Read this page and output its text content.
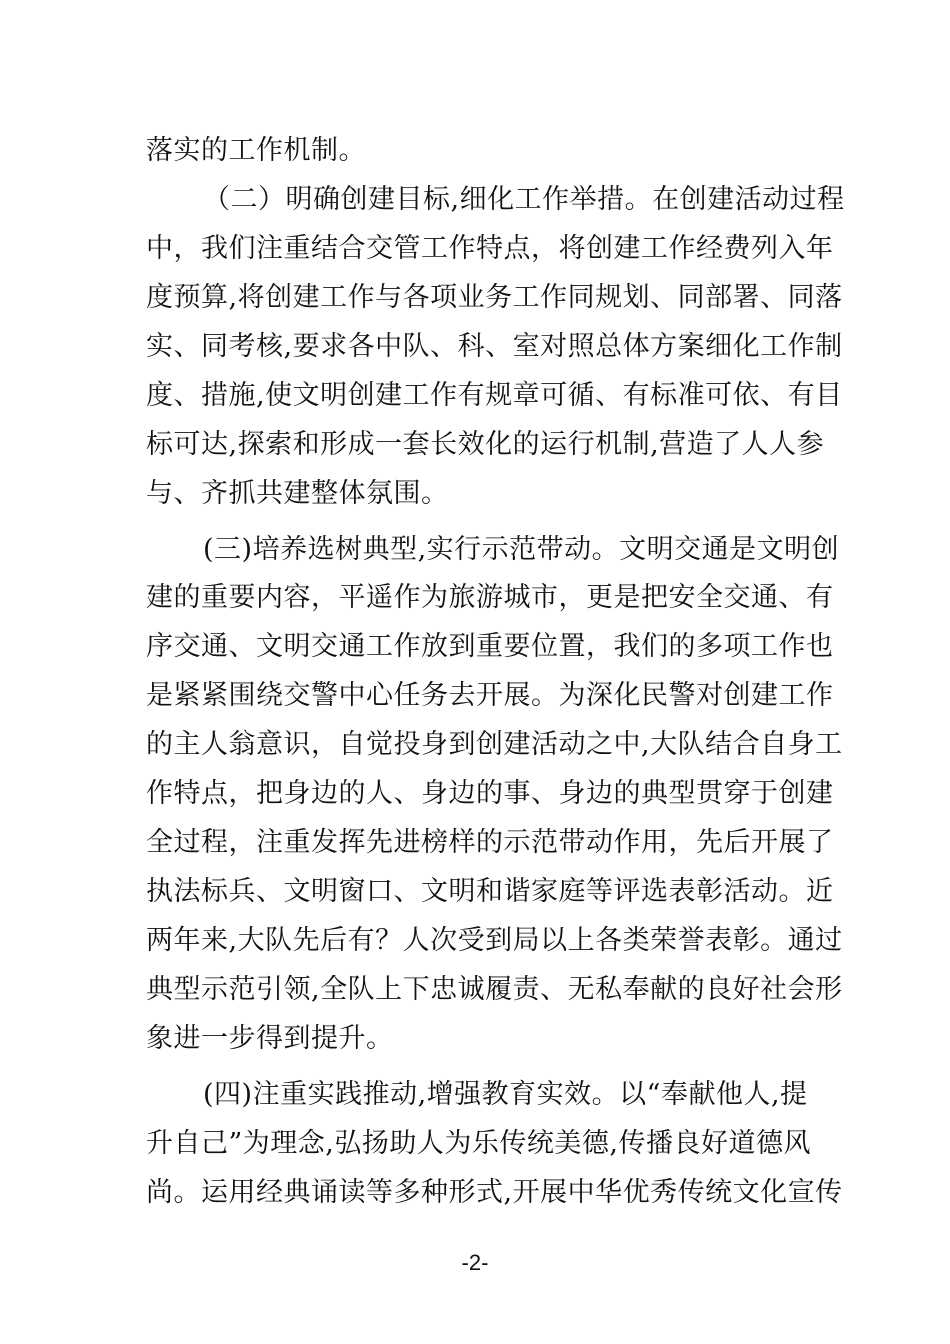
落实的工作机制。
（二）明确创建目标,细化工作举措。在创建活动过程
中，我们注重结合交管工作特点，将创建工作经费列入年
度预算,将创建工作与各项业务工作同规划、同部署、同落
实、同考核,要求各中队、科、室对照总体方案细化工作制
度、措施,使文明创建工作有规章可循、有标准可依、有目
标可达,探索和形成一套长效化的运行机制,营造了人人参
与、齐抓共建整体氛围。
(三)培养选树典型,实行示范带动。文明交通是文明创
建的重要内容，平遥作为旅游城市，更是把安全交通、有
序交通、文明交通工作放到重要位置，我们的多项工作也
是紧紧围绕交警中心任务去开展。为深化民警对创建工作
的主人翁意识，自觉投身到创建活动之中,大队结合自身工
作特点，把身边的人、身边的事、身边的典型贯穿于创建
全过程，注重发挥先进榜样的示范带动作用，先后开展了
执法标兵、文明窗口、文明和谐家庭等评选表彰活动。近
两年来,大队先后有？人次受到局以上各类荣誉表彰。通过
典型示范引领,全队上下忠诚履责、无私奉献的良好社会形
象进一步得到提升。
(四)注重实践推动,增强教育实效。以“奉献他人,提
升自己”为理念,弘扬助人为乐传统美德,传播良好道德风
尚。运用经典诵读等多种形式,开展中华优秀传统文化宣传
-2-
